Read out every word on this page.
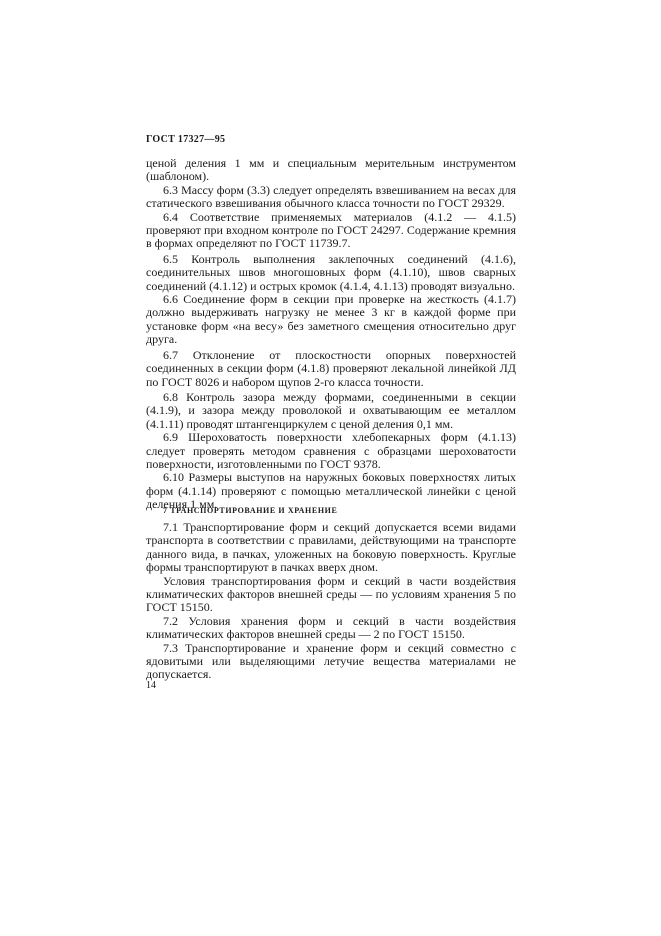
ГОСТ 17327—95

ценой деления 1 мм и специальным мерительным инструментом (шаблоном).

6.3 Массу форм (3.3) следует определять взвешиванием на весах для статического взвешивания обычного класса точности по ГОСТ 29329.

6.4 Соответствие применяемых материалов (4.1.2 — 4.1.5) проверяют при входном контроле по ГОСТ 24297. Содержание кремния в формах определяют по ГОСТ 11739.7.

6.5 Контроль выполнения заклепочных соединений (4.1.6), соединительных швов многошовных форм (4.1.10), швов сварных соединений (4.1.12) и острых кромок (4.1.4, 4.1.13) проводят визуально.

6.6 Соединение форм в секции при проверке на жесткость (4.1.7) должно выдерживать нагрузку не менее 3 кг в каждой форме при установке форм «на весу» без заметного смещения относительно друг друга.

6.7 Отклонение от плоскостности опорных поверхностей соединенных в секции форм (4.1.8) проверяют лекальной линейкой ЛД по ГОСТ 8026 и набором щупов 2-го класса точности.

6.8 Контроль зазора между формами, соединенными в секции (4.1.9), и зазора между проволокой и охватывающим ее металлом (4.1.11) проводят штангенциркулем с ценой деления 0,1 мм.

6.9 Шероховатость поверхности хлебопекарных форм (4.1.13) следует проверять методом сравнения с образцами шероховатости поверхности, изготовленными по ГОСТ 9378.

6.10 Размеры выступов на наружных боковых поверхностях литых форм (4.1.14) проверяют с помощью металлической линейки с ценой деления 1 мм.

7 ТРАНСПОРТИРОВАНИЕ И ХРАНЕНИЕ

7.1 Транспортирование форм и секций допускается всеми видами транспорта в соответствии с правилами, действующими на транспорте данного вида, в пачках, уложенных на боковую поверхность. Круглые формы транспортируют в пачках вверх дном.

Условия транспортирования форм и секций в части воздействия климатических факторов внешней среды — по условиям хранения 5 по ГОСТ 15150.

7.2 Условия хранения форм и секций в части воздействия климатических факторов внешней среды — 2 по ГОСТ 15150.

7.3 Транспортирование и хранение форм и секций совместно с ядовитыми или выделяющими летучие вещества материалами не допускается.

14
